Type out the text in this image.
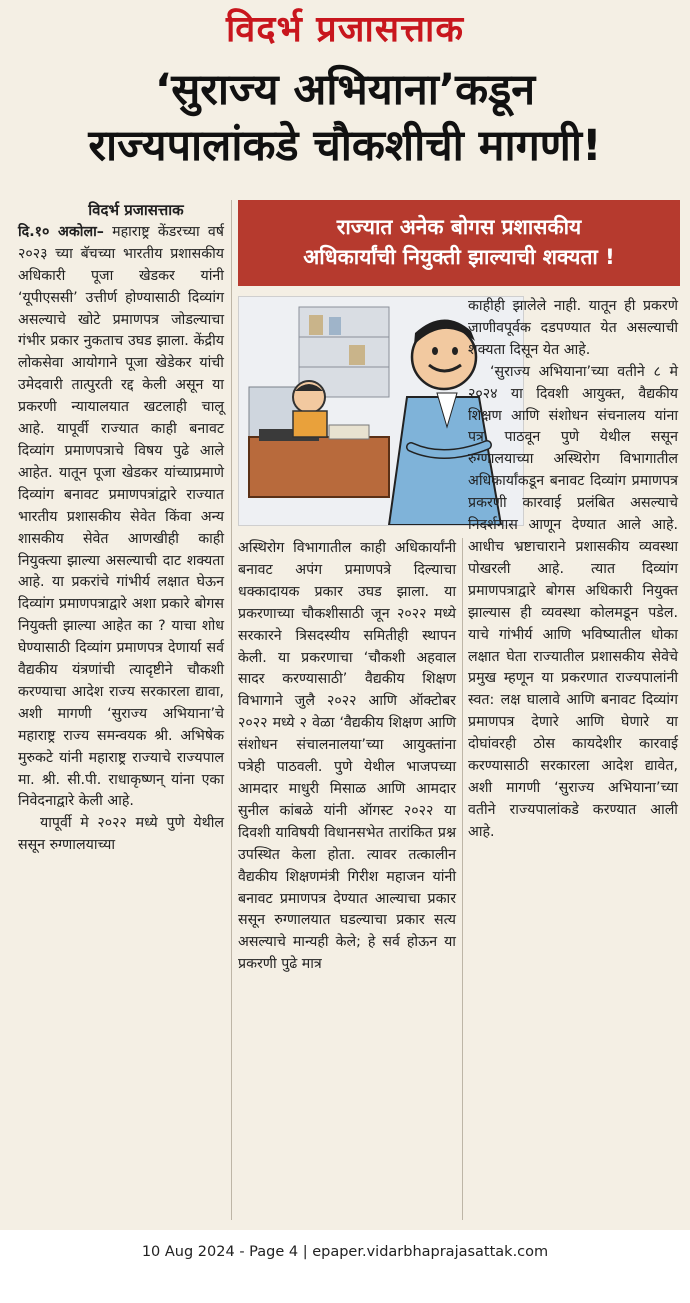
विदर्भ प्रजासत्ताक
‘सुराज्य अभियाना’कडून
राज्यपालांकडे चौकशीची मागणी!

विदर्भ प्रजासत्ताक

दि.१० अकोला– महाराष्ट्र केंडरच्या वर्ष २०२३ च्या बॅचच्या भारतीय प्रशासकीय अधिकारी पूजा खेडकर यांनी ‘यूपीएससी’ उत्तीर्ण होण्यासाठी दिव्यांग असल्याचे खोटे प्रमाणपत्र जोडल्याचा गंभीर प्रकार नुकताच उघड झाला. केंद्रीय लोकसेवा आयोगाने पूजा खेडेकर यांची उमेदवारी तात्पुरती रद्द केली असून या प्रकरणी न्यायालयात खटलाही चालू आहे. यापूर्वी राज्यात काही बनावट दिव्यांग प्रमाणपत्राचे विषय पुढे आले आहेत. यातून पूजा खेडकर यांच्याप्रमाणे दिव्यांग बनावट प्रमाणपत्रांद्वारे राज्यात भारतीय प्रशासकीय सेवेत किंवा अन्य शासकीय सेवेत आणखीही काही नियुक्त्या झाल्या असल्याची दाट शक्यता आहे. या प्रकरांचे गांभीर्य लक्षात घेऊन दिव्यांग प्रमाणपत्राद्वारे अशा प्रकारे बोगस नियुक्ती झाल्या आहेत का ? याचा शोध घेण्यासाठी दिव्यांग प्रमाणपत्र देणार्या सर्व वैद्यकीय यंत्रणांची त्यादृष्टीने चौकशी करण्याचा आदेश राज्य सरकारला द्यावा, अशी मागणी ‘सुराज्य अभियाना’चे महाराष्ट्र राज्य समन्वयक श्री. अभिषेक मुरुकटे यांनी महाराष्ट्र राज्याचे राज्यपाल मा. श्री. सी.पी. राधाकृष्णन् यांना एका निवेदनाद्वारे केली आहे.

यापूर्वी मे २०२२ मध्ये पुणे येथील ससून रुग्णालयाच्या

राज्यात अनेक बोगस प्रशासकीय
अधिकार्यांची नियुक्ती झाल्याची शक्यता !

अस्थिरोग विभागातील काही अधिकार्यांनी बनावट अपंग प्रमाणपत्रे दिल्याचा धक्कादायक प्रकार उघड झाला. या प्रकरणाच्या चौकशीसाठी जून २०२२ मध्ये सरकारने त्रिसदस्यीय समितीही स्थापन केली. या प्रकरणाचा ‘चौकशी अहवाल सादर करण्यासाठी’ वैद्यकीय शिक्षण विभागाने जुलै २०२२ आणि ऑक्टोबर २०२२ मध्ये २ वेळा ‘वैद्यकीय शिक्षण आणि संशोधन संचालनालया’च्या आयुक्तांना पत्रेही पाठवली. पुणे येथील भाजपच्या आमदार माधुरी मिसाळ आणि आमदार सुनील कांबळे यांनी ऑगस्ट २०२२ या दिवशी याविषयी विधानसभेत तारांकित प्रश्न उपस्थित केला होता. त्यावर तत्कालीन वैद्यकीय शिक्षणमंत्री गिरीश महाजन यांनी बनावट प्रमाणपत्र देण्यात आल्याचा प्रकार ससून रुग्णालयात घडल्याचा प्रकार सत्य असल्याचे मान्यही केले; हे सर्व होऊन या प्रकरणी पुढे मात्र

काहीही झालेले नाही. यातून ही प्रकरणे जाणीवपूर्वक दडपण्यात येत असल्याची शक्यता दिसून येत आहे.

‘सुराज्य अभियाना’च्या वतीने ८ मे २०२४ या दिवशी आयुक्त, वैद्यकीय शिक्षण आणि संशोधन संचनालय यांना पत्र पाठवून पुणे येथील ससून रुग्णालयाच्या अस्थिरोग विभागातील अधिकार्यांकडून बनावट दिव्यांग प्रमाणपत्र प्रकरणी कारवाई प्रलंबित असल्याचे निदर्शनास आणून देण्यात आले आहे. आधीच भ्रष्टाचाराने प्रशासकीय व्यवस्था पोखरली आहे. त्यात दिव्यांग प्रमाणपत्राद्वारे बोगस अधिकारी नियुक्त झाल्यास ही व्यवस्था कोलमडून पडेल. याचे गांभीर्य आणि भविष्यातील धोका लक्षात घेता राज्यातील प्रशासकीय सेवेचे प्रमुख म्हणून या प्रकरणात राज्यपालांनी स्वत: लक्ष घालावे आणि बनावट दिव्यांग प्रमाणपत्र देणारे आणि घेणारे या दोघांवरही ठोस कायदेशीर कारवाई करण्यासाठी सरकारला आदेश द्यावेत, अशी मागणी ‘सुराज्य अभियाना’च्या वतीने राज्यपालांकडे करण्यात आली आहे.

10 Aug 2024 - Page 4 | epaper.vidarbhaprajasattak.com
